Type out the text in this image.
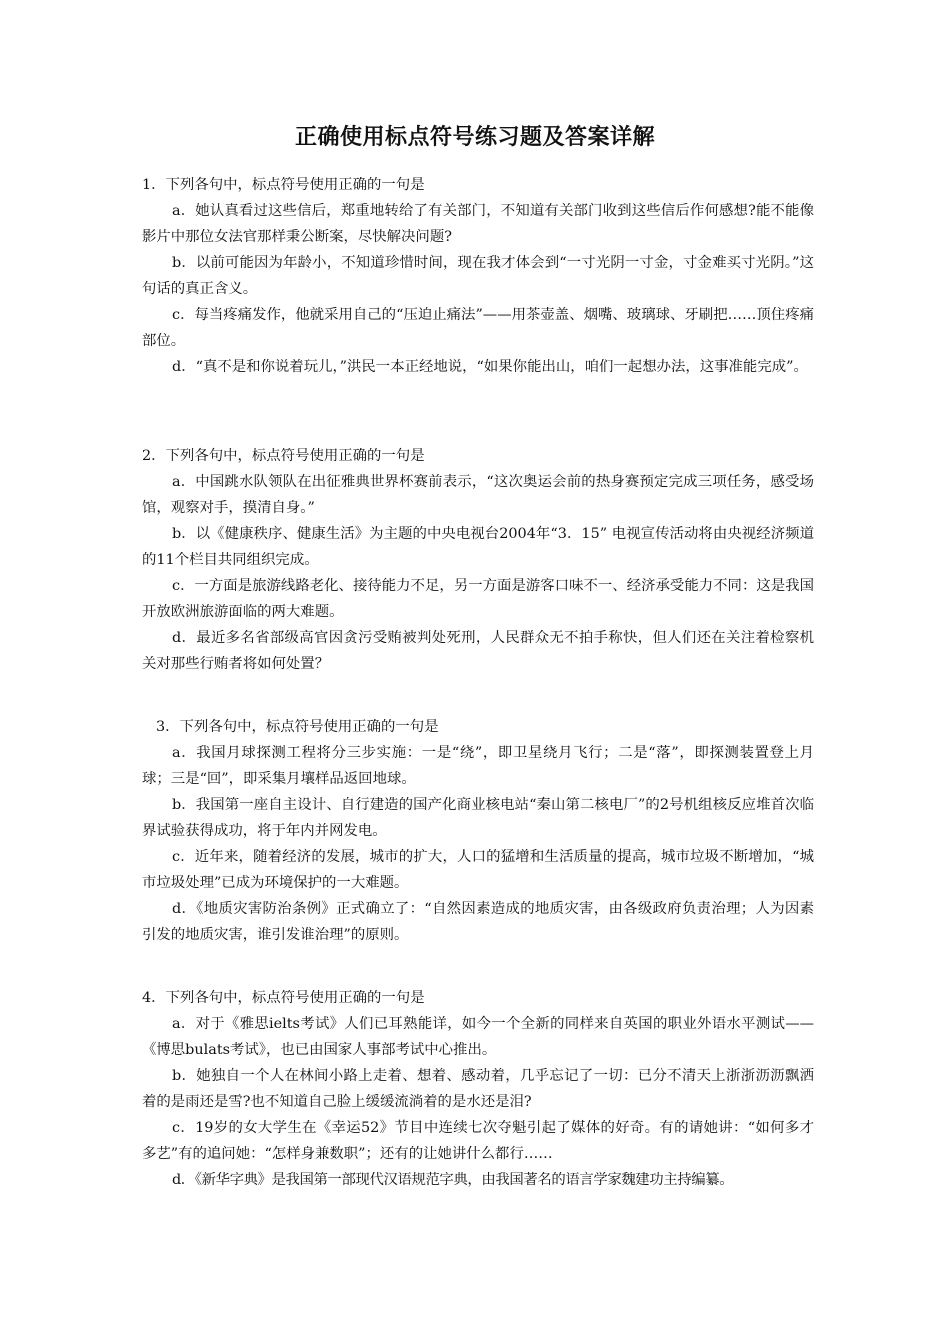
正确使用标点符号练习题及答案详解
1．下列各句中，标点符号使用正确的一句是
a．她认真看过这些信后，郑重地转给了有关部门，不知道有关部门收到这些信后作何感想?能不能像影片中那位女法官那样秉公断案，尽快解决问题?
b．以前可能因为年龄小，不知道珍惜时间，现在我才体会到“一寸光阴一寸金，寸金难买寸光阴。”这句话的真正含义。
c．每当疼痛发作，他就采用自己的“压迫止痛法”——用茶壶盖、烟嘴、玻璃球、牙刷把……顶住疼痛部位。
d．“真不是和你说着玩儿，”洪民一本正经地说，“如果你能出山，咱们一起想办法，这事准能完成”。
2．下列各句中，标点符号使用正确的一句是
a．中国跳水队领队在出征雅典世界杯赛前表示，“这次奥运会前的热身赛预定完成三项任务，感受场馆，观察对手，摸清自身。”
b．以《健康秩序、健康生活》为主题的中央电视台2004年“3．15” 电视宣传活动将由央视经济频道的11个栏目共同组织完成。
c．一方面是旅游线路老化、接待能力不足，另一方面是游客口味不一、经济承受能力不同：这是我国开放欧洲旅游面临的两大难题。
d．最近多名省部级高官因贪污受贿被判处死刑，人民群众无不拍手称快，但人们还在关注着检察机关对那些行贿者将如何处置？
3．下列各句中，标点符号使用正确的一句是
a．我国月球探测工程将分三步实施：一是“绕”，即卫星绕月飞行；二是“落”，即探测装置登上月球；三是“回”，即采集月壤样品返回地球。
b．我国第一座自主设计、自行建造的国产化商业核电站“秦山第二核电厂”的2号机组核反应堆首次临界试验获得成功，将于年内并网发电。
c．近年来，随着经济的发展，城市的扩大，人口的猛增和生活质量的提高，城市垃圾不断增加，“城市垃圾处理”已成为环境保护的一大难题。
d．《地质灾害防治条例》正式确立了：“自然因素造成的地质灾害，由各级政府负责治理；人为因素引发的地质灾害，谁引发谁治理”的原则。
4．下列各句中，标点符号使用正确的一句是
a．对于《雅思ielts考试》人们已耳熟能详，如今一个全新的同样来自英国的职业外语水平测试——《博思bulats考试》，也已由国家人事部考试中心推出。
b．她独自一个人在林间小路上走着、想着、感动着，几乎忘记了一切：已分不清天上浙浙沥沥飘洒着的是雨还是雪?也不知道自己脸上缓缓流淌着的是水还是泪?
c．19岁的女大学生在《幸运52》节目中连续七次夺魁引起了媒体的好奇。有的请她讲：“如何多才多艺”有的追问她：“怎样身兼数职”；还有的让她讲什么都行……
d．《新华字典》是我国第一部现代汉语规范字典，由我国著名的语言学家魏建功主持编纂。
